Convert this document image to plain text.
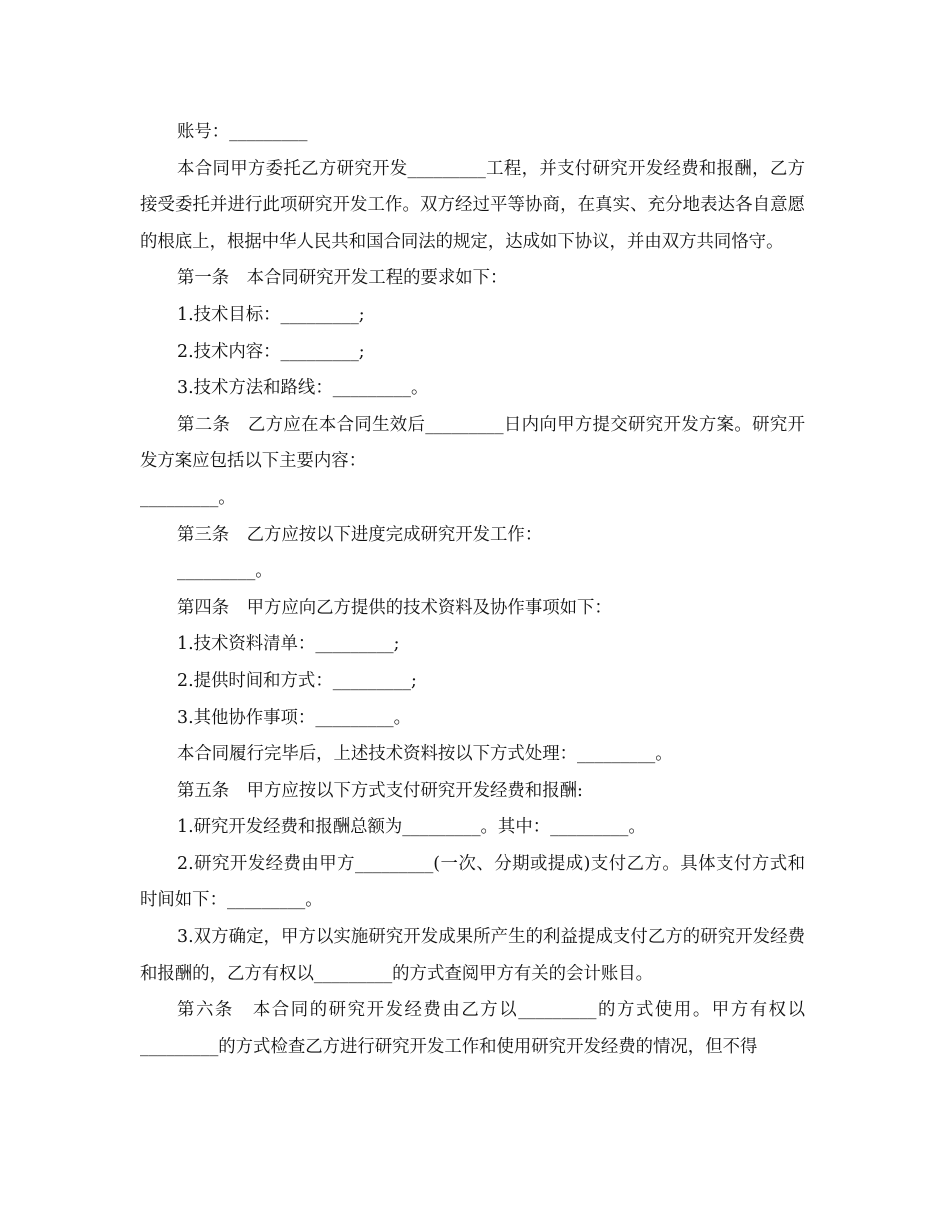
账号：_________

本合同甲方委托乙方研究开发_________工程，并支付研究开发经费和报酬，乙方接受委托并进行此项研究开发工作。双方经过平等协商，在真实、充分地表达各自意愿的根底上，根据中华人民共和国合同法的规定，达成如下协议，并由双方共同恪守。

第一条　本合同研究开发工程的要求如下：

1.技术目标：_________;

2.技术内容：_________;

3.技术方法和路线：_________。

第二条　乙方应在本合同生效后_________日内向甲方提交研究开发方案。研究开发方案应包括以下主要内容：

_________。

第三条　乙方应按以下进度完成研究开发工作：

_________。

第四条　甲方应向乙方提供的技术资料及协作事项如下：

1.技术资料清单：_________;

2.提供时间和方式：_________;

3.其他协作事项：_________。

本合同履行完毕后，上述技术资料按以下方式处理：_________。

第五条　甲方应按以下方式支付研究开发经费和报酬:

1.研究开发经费和报酬总额为_________。其中：_________。

2.研究开发经费由甲方_________(一次、分期或提成)支付乙方。具体支付方式和时间如下：_________。

3.双方确定，甲方以实施研究开发成果所产生的利益提成支付乙方的研究开发经费和报酬的，乙方有权以_________的方式查阅甲方有关的会计账目。

第六条　本合同的研究开发经费由乙方以_________的方式使用。甲方有权以_________的方式检查乙方进行研究开发工作和使用研究开发经费的情况，但不得
